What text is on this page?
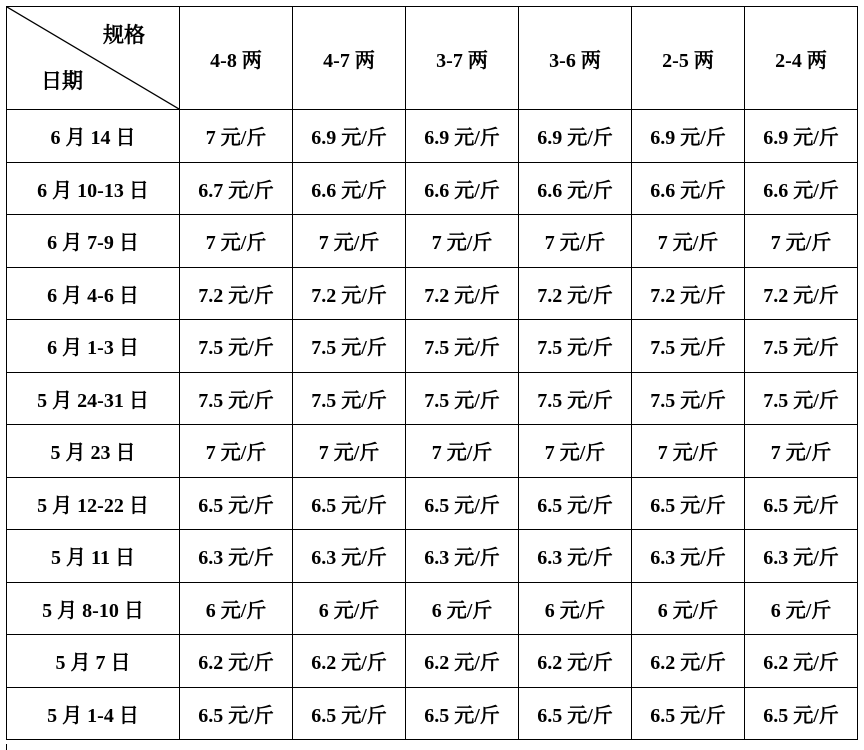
规格
日期	4-8 两	4-7 两	3-7 两	3-6 两	2-5 两	2-4 两
6 月 14 日	7 元/斤	6.9 元/斤	6.9 元/斤	6.9 元/斤	6.9 元/斤	6.9 元/斤
6 月 10-13 日	6.7 元/斤	6.6 元/斤	6.6 元/斤	6.6 元/斤	6.6 元/斤	6.6 元/斤
6 月 7-9 日	7 元/斤	7 元/斤	7 元/斤	7 元/斤	7 元/斤	7 元/斤
6 月 4-6 日	7.2 元/斤	7.2 元/斤	7.2 元/斤	7.2 元/斤	7.2 元/斤	7.2 元/斤
6 月 1-3 日	7.5 元/斤	7.5 元/斤	7.5 元/斤	7.5 元/斤	7.5 元/斤	7.5 元/斤
5 月 24-31 日	7.5 元/斤	7.5 元/斤	7.5 元/斤	7.5 元/斤	7.5 元/斤	7.5 元/斤
5 月 23 日	7 元/斤	7 元/斤	7 元/斤	7 元/斤	7 元/斤	7 元/斤
5 月 12-22 日	6.5 元/斤	6.5 元/斤	6.5 元/斤	6.5 元/斤	6.5 元/斤	6.5 元/斤
5 月 11 日	6.3 元/斤	6.3 元/斤	6.3 元/斤	6.3 元/斤	6.3 元/斤	6.3 元/斤
5 月 8-10 日	6 元/斤	6 元/斤	6 元/斤	6 元/斤	6 元/斤	6 元/斤
5 月 7 日	6.2 元/斤	6.2 元/斤	6.2 元/斤	6.2 元/斤	6.2 元/斤	6.2 元/斤
5 月 1-4 日	6.5 元/斤	6.5 元/斤	6.5 元/斤	6.5 元/斤	6.5 元/斤	6.5 元/斤
